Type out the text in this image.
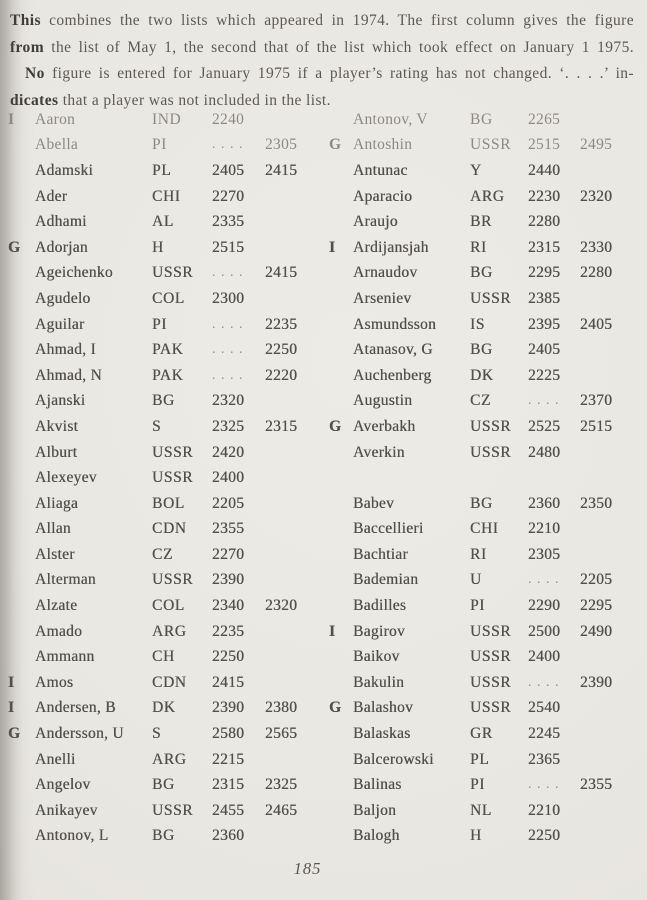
This combines the two lists which appeared in 1974. The first column gives the figure
from the list of May 1, the second that of the list which took effect on January 1 1975.
No figure is entered for January 1975 if a player’s rating has not changed. ‘. . . .’ in-
dicates that a player was not included in the list.
I	Aaron	IND	2240
Abella	PI	. . . .	2305
Adamski	PL	2405	2415
Ader	CHI	2270
Adhami	AL	2335
G Adorjan	H	2515
Ageichenko	USSR	. . . .	2415
Agudelo	COL	2300
Aguilar	PI	. . . .	2235
Ahmad, I	PAK	. . . .	2250
Ahmad, N	PAK	. . . .	2220
Ajanski	BG	2320
Akvist	S	2325	2315
Alburt	USSR	2420
Alexeyev	USSR	2400
Aliaga	BOL	2205
Allan	CDN	2355
Alster	CZ	2270
Alterman	USSR	2390
Alzate	COL	2340	2320
Amado	ARG	2235
Ammann	CH	2250
I	Amos	CDN	2415
I	Andersen, B	DK	2390	2380
G Andersson, U	S	2580	2565
Anelli	ARG	2215
Angelov	BG	2315	2325
Anikayev	USSR	2455	2465
Antonov, L	BG	2360
Antonov, V	BG	2265
G Antoshin	USSR	2515	2495
Antunac	Y	2440
Aparacio	ARG	2230	2320
Araujo	BR	2280
I	Ardijansjah	RI	2315	2330
Arnaudov	BG	2295	2280
Arseniev	USSR	2385
Asmundsson	IS	2395	2405
Atanasov, G	BG	2405
Auchenberg	DK	2225
Augustin	CZ	. . . .	2370
G Averbakh	USSR	2525	2515
Averkin	USSR	2480
Babev	BG	2360	2350
Baccellieri	CHI	2210
Bachtiar	RI	2305
Bademian	U	. . . .	2205
Badilles	PI	2290	2295
I	Bagirov	USSR	2500	2490
Baikov	USSR	2400
Bakulin	USSR	. . . .	2390
G Balashov	USSR	2540
Balaskas	GR	2245
Balcerowski	PL	2365
Balinas	PI	. . . .	2355
Baljon	NL	2210
Balogh	H	2250
185
